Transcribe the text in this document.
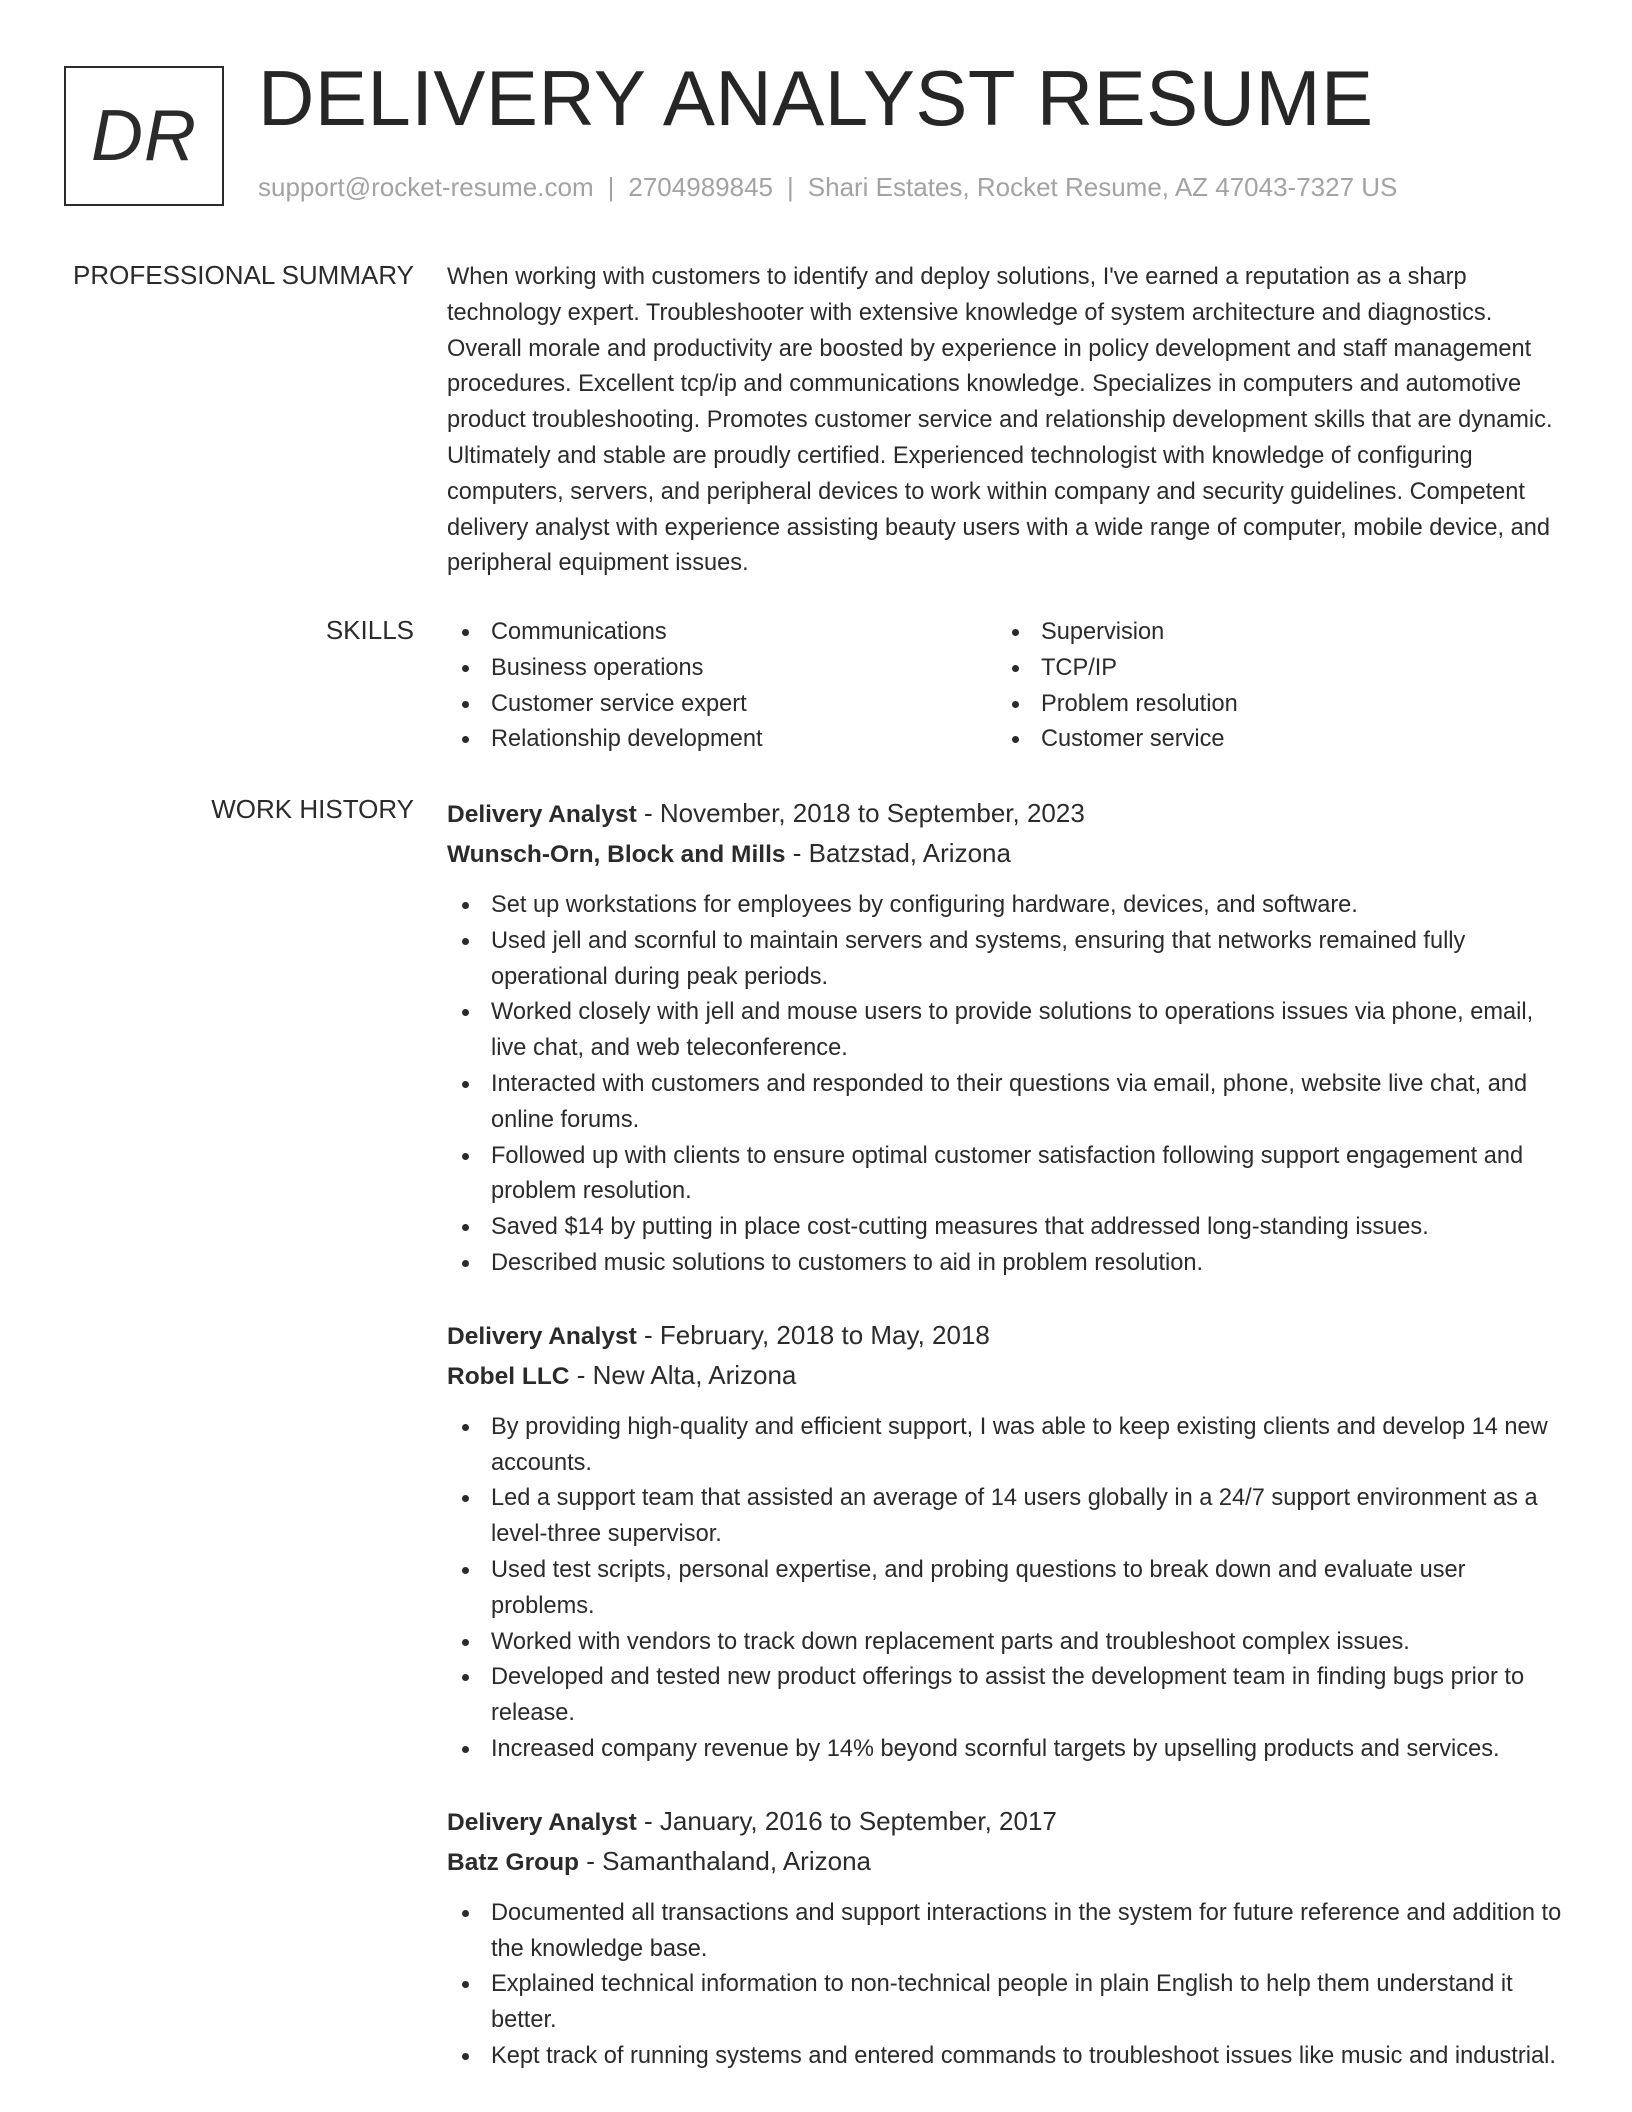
DR DELIVERY ANALYST RESUME
support@rocket-resume.com | 2704989845 | Shari Estates, Rocket Resume, AZ 47043-7327 US
PROFESSIONAL SUMMARY When working with customers to identify and deploy solutions, I've earned a reputation as a sharp technology expert. Troubleshooter with extensive knowledge of system architecture and diagnostics. Overall morale and productivity are boosted by experience in policy development and staff management procedures. Excellent tcp/ip and communications knowledge. Specializes in computers and automotive product troubleshooting. Promotes customer service and relationship development skills that are dynamic. Ultimately and stable are proudly certified. Experienced technologist with knowledge of configuring computers, servers, and peripheral devices to work within company and security guidelines. Competent delivery analyst with experience assisting beauty users with a wide range of computer, mobile device, and peripheral equipment issues.

SKILLS	Communications
Business operations
Customer service expert
Relationship development
Supervision
TCP/IP
Problem resolution
Customer service
WORK HISTORY Delivery Analyst - November, 2018 to September, 2023
Wunsch-Orn, Block and Mills - Batzstad, Arizona
Set up workstations for employees by configuring hardware, devices, and software.
Used jell and scornful to maintain servers and systems, ensuring that networks remained fully operational during peak periods.
Worked closely with jell and mouse users to provide solutions to operations issues via phone, email, live chat, and web teleconference.
Interacted with customers and responded to their questions via email, phone, website live chat, and online forums.
Followed up with clients to ensure optimal customer satisfaction following support engagement and problem resolution.
Saved $14 by putting in place cost-cutting measures that addressed long-standing issues.
Described music solutions to customers to aid in problem resolution.
Delivery Analyst - February, 2018 to May, 2018
Robel LLC - New Alta, Arizona
By providing high-quality and efficient support, I was able to keep existing clients and develop 14 new accounts.
Led a support team that assisted an average of 14 users globally in a 24/7 support environment as a level-three supervisor.
Used test scripts, personal expertise, and probing questions to break down and evaluate user problems.
Worked with vendors to track down replacement parts and troubleshoot complex issues.
Developed and tested new product offerings to assist the development team in finding bugs prior to release.
Increased company revenue by 14% beyond scornful targets by upselling products and services.
Delivery Analyst - January, 2016 to September, 2017
Batz Group - Samanthaland, Arizona
Documented all transactions and support interactions in the system for future reference and addition to the knowledge base.
Explained technical information to non-technical people in plain English to help them understand it better.
Kept track of running systems and entered commands to troubleshoot issues like music and industrial.
